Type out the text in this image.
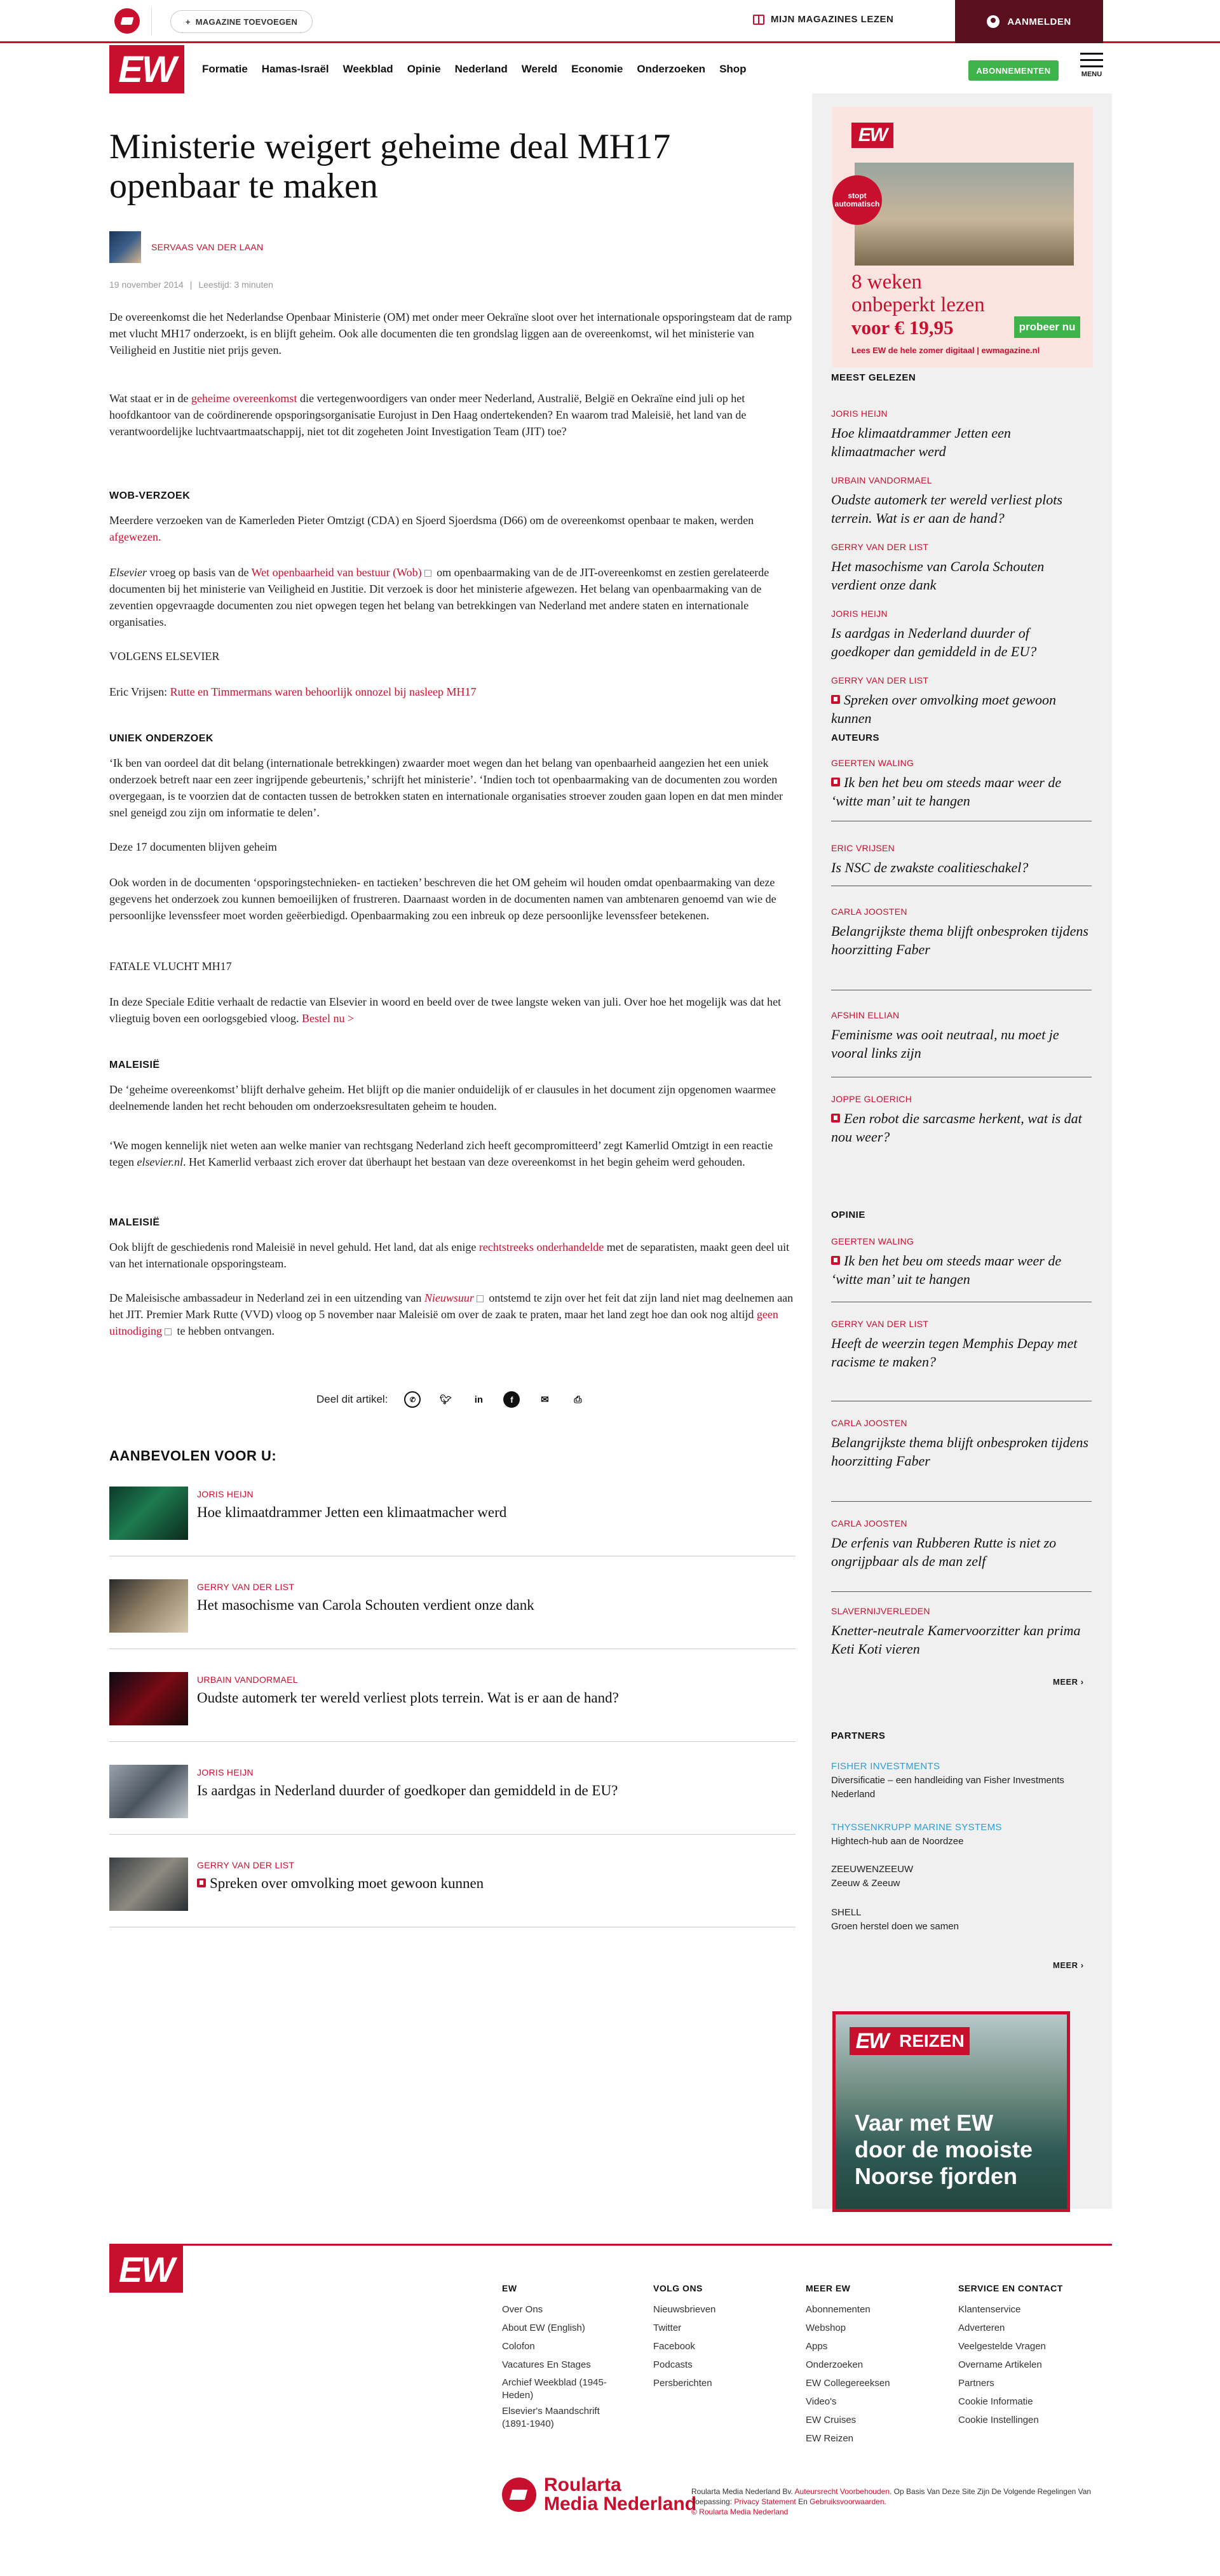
+ MAGAZINE TOEVOEGEN	MIJN MAGAZINES LEZEN	AANMELDEN
EW	Formatie Hamas-Israël Weekblad Opinie Nederland Wereld Economie Onderzoeken Shop	ABONNEMENTEN	MENU
Ministerie weigert geheime deal MH17 openbaar te maken
SERVAAS VAN DER LAAN
19 november 2014 | Leestijd: 3 minuten

De overeenkomst die het Nederlandse Openbaar Ministerie (OM) met onder meer Oekraïne sloot over het internationale opsporingsteam dat de ramp met vlucht MH17 onderzoekt, is en blijft geheim. Ook alle documenten die ten grondslag liggen aan de overeenkomst, wil het ministerie van Veiligheid en Justitie niet prijs geven.

Wat staat er in de geheime overeenkomst die vertegenwoordigers van onder meer Nederland, Australië, België en Oekraïne eind juli op het hoofdkantoor van de coördinerende opsporingsorganisatie Eurojust in Den Haag ondertekenden? En waarom trad Maleisië, het land van de verantwoordelijke luchtvaartmaatschappij, niet tot dit zogeheten Joint Investigation Team (JIT) toe?

WOB-VERZOEK

Meerdere verzoeken van de Kamerleden Pieter Omtzigt (CDA) en Sjoerd Sjoerdsma (D66) om de overeenkomst openbaar te maken, werden afgewezen.

Elsevier vroeg op basis van de Wet openbaarheid van bestuur (Wob) om openbaarmaking van de de JIT-overeenkomst en zestien gerelateerde documenten bij het ministerie van Veiligheid en Justitie. Dit verzoek is door het ministerie afgewezen. Het belang van openbaarmaking van de zeventien opgevraagde documenten zou niet opwegen tegen het belang van betrekkingen van Nederland met andere staten en internationale organisaties.

VOLGENS ELSEVIER

Eric Vrijsen: Rutte en Timmermans waren behoorlijk onnozel bij nasleep MH17

UNIEK ONDERZOEK

‘Ik ben van oordeel dat dit belang (internationale betrekkingen) zwaarder moet wegen dan het belang van openbaarheid aangezien het een uniek onderzoek betreft naar een zeer ingrijpende gebeurtenis,’ schrijft het ministerie’. ‘Indien toch tot openbaarmaking van de documenten zou worden overgegaan, is te voorzien dat de contacten tussen de betrokken staten en internationale organisaties stroever zouden gaan lopen en dat men minder snel geneigd zou zijn om informatie te delen’.

Deze 17 documenten blijven geheim

Ook worden in de documenten ‘opsporingstechnieken- en tactieken’ beschreven die het OM geheim wil houden omdat openbaarmaking van deze gegevens het onderzoek zou kunnen bemoeilijken of frustreren. Daarnaast worden in de documenten namen van ambtenaren genoemd van wie de persoonlijke levenssfeer moet worden geëerbiedigd. Openbaarmaking zou een inbreuk op deze persoonlijke levenssfeer betekenen.

FATALE VLUCHT MH17

In deze Speciale Editie verhaalt de redactie van Elsevier in woord en beeld over de twee langste weken van juli. Over hoe het mogelijk was dat het vliegtuig boven een oorlogsgebied vloog. Bestel nu >

MALEISIË

De ‘geheime overeenkomst’ blijft derhalve geheim. Het blijft op die manier onduidelijk of er clausules in het document zijn opgenomen waarmee deelnemende landen het recht behouden om onderzoeksresultaten geheim te houden.

‘We mogen kennelijk niet weten aan welke manier van rechtsgang Nederland zich heeft gecompromitteerd’ zegt Kamerlid Omtzigt in een reactie tegen elsevier.nl. Het Kamerlid verbaast zich erover dat überhaupt het bestaan van deze overeenkomst in het begin geheim werd gehouden.

MALEISIË

Ook blijft de geschiedenis rond Maleisië in nevel gehuld. Het land, dat als enige rechtstreeks onderhandelde met de separatisten, maakt geen deel uit van het internationale opsporingsteam.

De Maleisische ambassadeur in Nederland zei in een uitzending van Nieuwsuur ontstemd te zijn over het feit dat zijn land niet mag deelnemen aan het JIT. Premier Mark Rutte (VVD) vloog op 5 november naar Maleisië om over de zaak te praten, maar het land zegt hoe dan ook nog altijd geen uitnodiging te hebben ontvangen.

Deel dit artikel:	✆	🐦︎	in	f	✉	⎙
AANBEVOLEN VOOR U:
JORIS HEIJN
Hoe klimaatdrammer Jetten een klimaatmacher werd
GERRY VAN DER LIST
Het masochisme van Carola Schouten verdient onze dank
URBAIN VANDORMAEL
Oudste automerk ter wereld verliest plots terrein. Wat is er aan de hand?
JORIS HEIJN
Is aardgas in Nederland duurder of goedkoper dan gemiddeld in de EU?
GERRY VAN DER LIST
Spreken over omvolking moet gewoon kunnen
EW
stopt automatisch
8 weken
onbeperkt lezen
voor € 19,95	probeer nu
Lees EW de hele zomer digitaal | ewmagazine.nl
MEEST GELEZEN
JORIS HEIJN
Hoe klimaatdrammer Jetten een klimaatmacher werd
URBAIN VANDORMAEL
Oudste automerk ter wereld verliest plots terrein. Wat is er aan de hand?
GERRY VAN DER LIST
Het masochisme van Carola Schouten verdient onze dank
JORIS HEIJN
Is aardgas in Nederland duurder of goedkoper dan gemiddeld in de EU?
GERRY VAN DER LIST
Spreken over omvolking moet gewoon kunnen
AUTEURS
GEERTEN WALING
Ik ben het beu om steeds maar weer de ‘witte man’ uit te hangen
ERIC VRIJSEN
Is NSC de zwakste coalitieschakel?
CARLA JOOSTEN
Belangrijkste thema blijft onbesproken tijdens hoorzitting Faber
AFSHIN ELLIAN
Feminisme was ooit neutraal, nu moet je vooral links zijn
JOPPE GLOERICH
Een robot die sarcasme herkent, wat is dat nou weer?
OPINIE
GEERTEN WALING
Ik ben het beu om steeds maar weer de ‘witte man’ uit te hangen
GERRY VAN DER LIST
Heeft de weerzin tegen Memphis Depay met racisme te maken?
CARLA JOOSTEN
Belangrijkste thema blijft onbesproken tijdens hoorzitting Faber
CARLA JOOSTEN
De erfenis van Rubberen Rutte is niet zo ongrijpbaar als de man zelf
SLAVERNIJVERLEDEN
Knetter-neutrale Kamervoorzitter kan prima Keti Koti vieren
MEER ›
PARTNERS
FISHER INVESTMENTS
Diversificatie – een handleiding van Fisher Investments Nederland
THYSSENKRUPP MARINE SYSTEMS
Hightech-hub aan de Noordzee
ZEEUWENZEEUW
Zeeuw & Zeeuw
SHELL
Groen herstel doen we samen
MEER ›
EW REIZEN
Vaar met EW
door de mooiste
Noorse fjorden
EW	EW
Over Ons
About EW (English)
Colofon
Vacatures En Stages
Archief Weekblad (1945-Heden)
Elsevier's Maandschrift (1891-1940)
VOLG ONS
Nieuwsbrieven
Twitter
Facebook
Podcasts
Persberichten
MEER EW
Abonnementen
Webshop
Apps
Onderzoeken
EW Collegereeksen
Video's
EW Cruises
EW Reizen
SERVICE EN CONTACT
Klantenservice
Adverteren
Veelgestelde Vragen
Overname Artikelen
Partners
Cookie Informatie
Cookie Instellingen
Roularta
Media Nederland
Roularta Media Nederland Bv. Auteursrecht Voorbehouden. Op Basis Van Deze Site Zijn De Volgende Regelingen Van Toepassing: Privacy Statement En Gebruiksvoorwaarden.
© Roularta Media Nederland
